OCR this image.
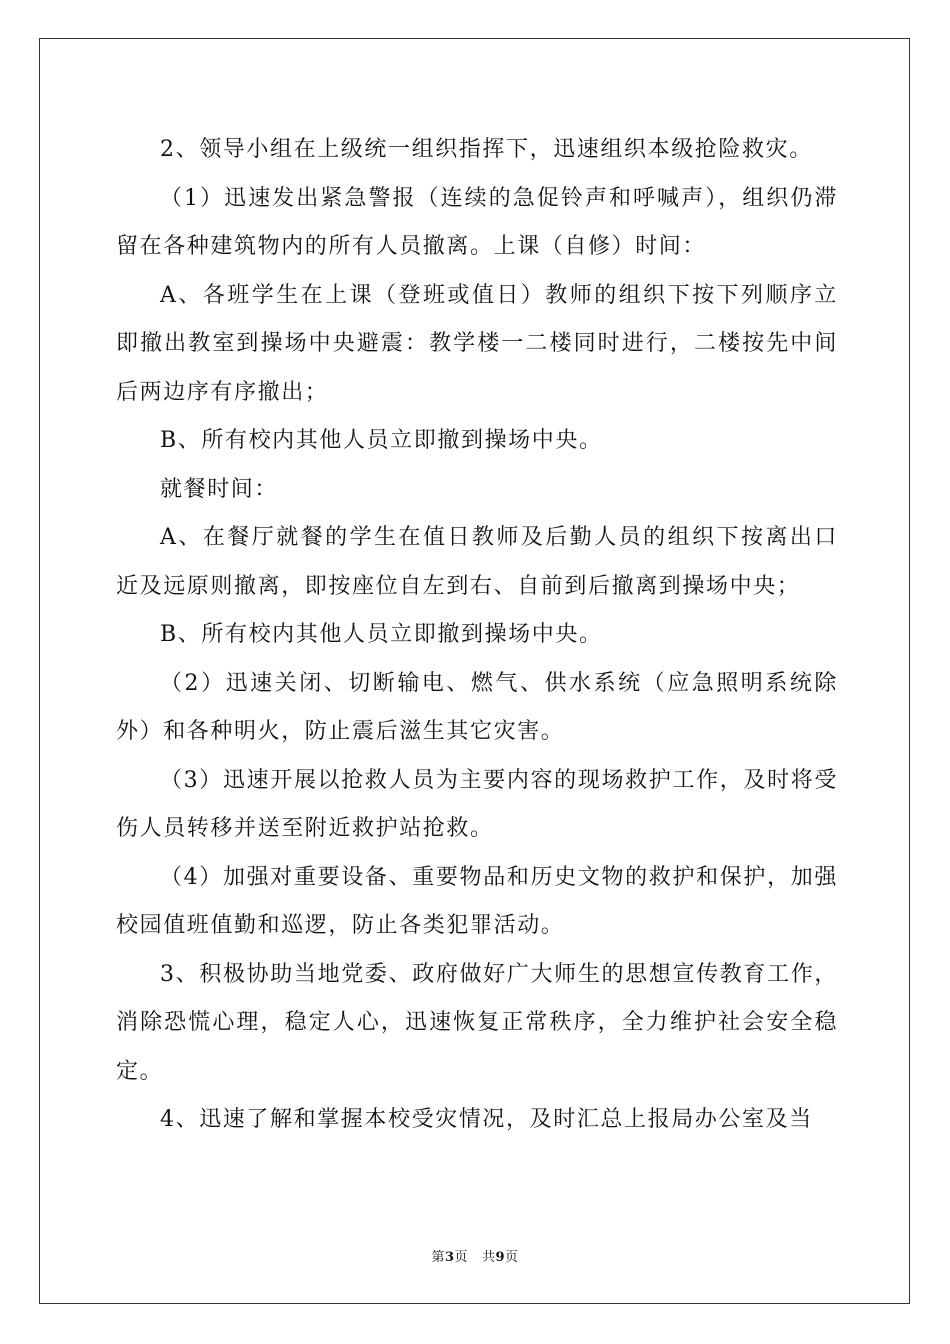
2、领导小组在上级统一组织指挥下，迅速组织本级抢险救灾。

（1）迅速发出紧急警报（连续的急促铃声和呼喊声），组织仍滞留在各种建筑物内的所有人员撤离。上课（自修）时间：

A、各班学生在上课（登班或值日）教师的组织下按下列顺序立即撤出教室到操场中央避震：教学楼一二楼同时进行，二楼按先中间后两边序有序撤出；

B、所有校内其他人员立即撤到操场中央。

就餐时间：

A、在餐厅就餐的学生在值日教师及后勤人员的组织下按离出口近及远原则撤离，即按座位自左到右、自前到后撤离到操场中央；

B、所有校内其他人员立即撤到操场中央。

（2）迅速关闭、切断输电、燃气、供水系统（应急照明系统除外）和各种明火，防止震后滋生其它灾害。

（3）迅速开展以抢救人员为主要内容的现场救护工作，及时将受伤人员转移并送至附近救护站抢救。

（4）加强对重要设备、重要物品和历史文物的救护和保护，加强校园值班值勤和巡逻，防止各类犯罪活动。

3、积极协助当地党委、政府做好广大师生的思想宣传教育工作，消除恐慌心理，稳定人心，迅速恢复正常秩序，全力维护社会安全稳定。

4、迅速了解和掌握本校受灾情况，及时汇总上报局办公室及当

第3页 共9页
